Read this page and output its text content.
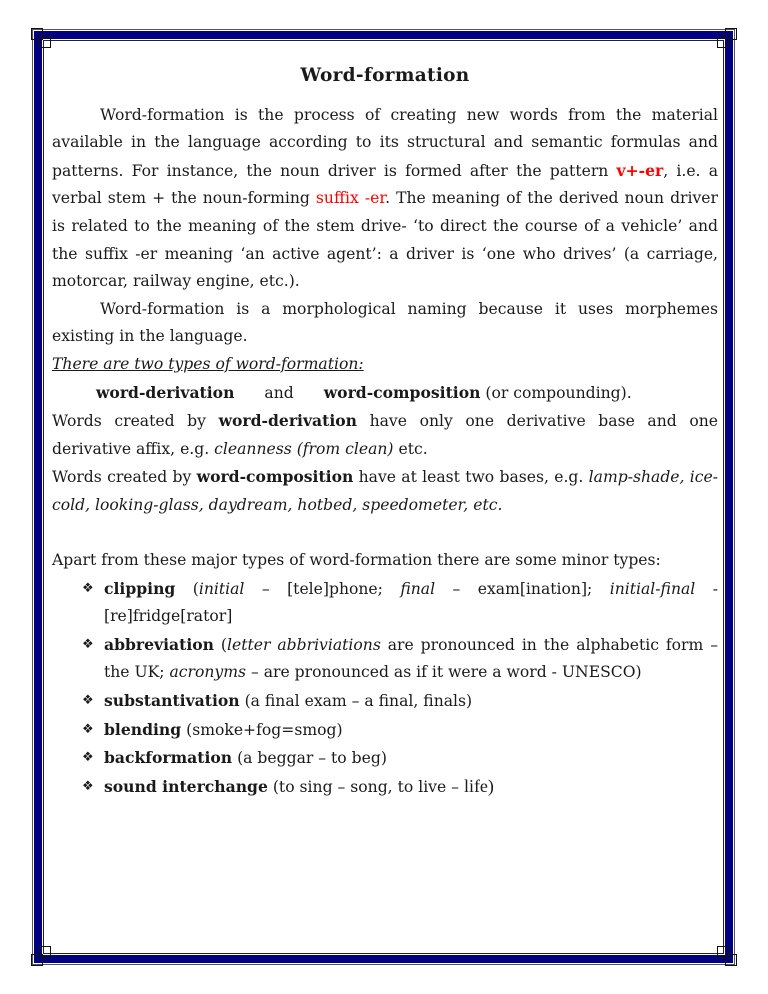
Word-formation

Word-formation is the process of creating new words from the material available in the language according to its structural and semantic formulas and patterns. For instance, the noun driver is formed after the pattern v+-er, i.e. a verbal stem + the noun-forming suffix -er. The meaning of the derived noun driver is related to the meaning of the stem drive- ‘to direct the course of a vehicle’ and the suffix -er meaning ‘an active agent’: a driver is ‘one who drives’ (a carriage, motorcar, railway engine, etc.).

Word-formation is a morphological naming because it uses morphemes existing in the language.

There are two types of word-formation:

word-derivation and word-composition (or compounding).

Words created by word-derivation have only one derivative base and one derivative affix, e.g. cleanness (from clean) etc.

Words created by word-composition have at least two bases, e.g. lamp-shade, ice-cold, looking-glass, daydream, hotbed, speedometer, etc.

Apart from these major types of word-formation there are some minor types:

❖ clipping (initial – [tele]phone; final – exam[ination]; initial-final - [re]fridge[rator]
❖ abbreviation (letter abbriviations are pronounced in the alphabetic form – the UK; acronyms – are pronounced as if it were a word - UNESCO)
❖ substantivation (a final exam – a final, finals)
❖ blending (smoke+fog=smog)
❖ backformation (a beggar – to beg)
❖ sound interchange (to sing – song, to live – life)
